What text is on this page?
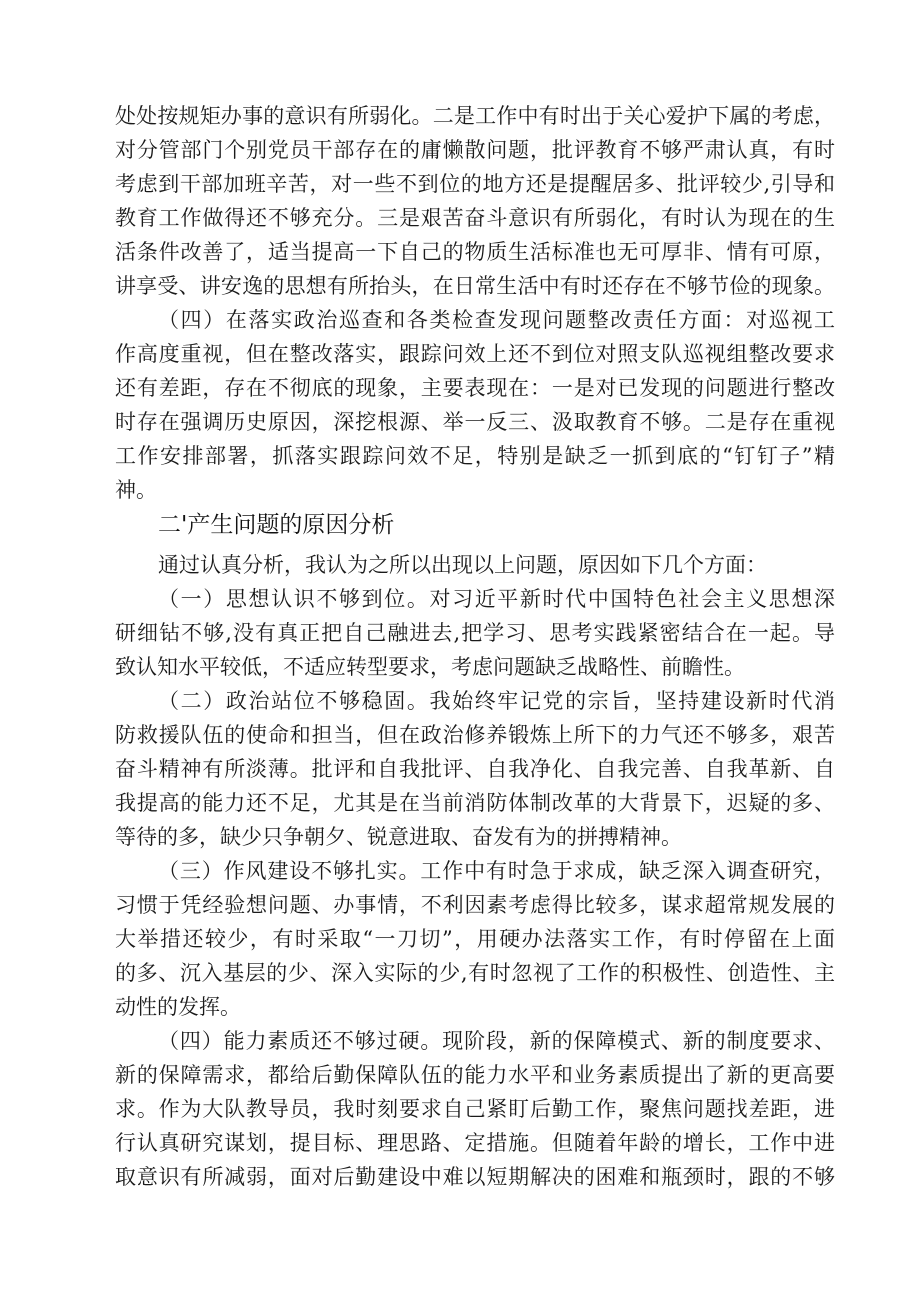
处处按规矩办事的意识有所弱化。二是工作中有时出于关心爱护下属的考虑，
对分管部门个别党员干部存在的庸懒散问题，批评教育不够严肃认真，有时
考虑到干部加班辛苦，对一些不到位的地方还是提醒居多、批评较少,引导和
教育工作做得还不够充分。三是艰苦奋斗意识有所弱化，有时认为现在的生
活条件改善了，适当提高一下自己的物质生活标准也无可厚非、情有可原，
讲享受、讲安逸的思想有所抬头，在日常生活中有时还存在不够节俭的现象。
（四）在落实政治巡查和各类检查发现问题整改责任方面：对巡视工
作高度重视，但在整改落实，跟踪问效上还不到位对照支队巡视组整改要求
还有差距，存在不彻底的现象，主要表现在：一是对已发现的问题进行整改
时存在强调历史原因，深挖根源、举一反三、汲取教育不够。二是存在重视
工作安排部署，抓落实跟踪问效不足，特别是缺乏一抓到底的“钉钉子”精
神。
二'产生问题的原因分析
通过认真分析，我认为之所以出现以上问题，原因如下几个方面：
（一）思想认识不够到位。对习近平新时代中国特色社会主义思想深
研细钻不够,没有真正把自己融进去,把学习、思考实践紧密结合在一起。导
致认知水平较低，不适应转型要求，考虑问题缺乏战略性、前瞻性。
（二）政治站位不够稳固。我始终牢记党的宗旨，坚持建设新时代消
防救援队伍的使命和担当，但在政治修养锻炼上所下的力气还不够多，艰苦
奋斗精神有所淡薄。批评和自我批评、自我净化、自我完善、自我革新、自
我提高的能力还不足，尤其是在当前消防体制改革的大背景下，迟疑的多、
等待的多，缺少只争朝夕、锐意进取、奋发有为的拼搏精神。
（三）作风建设不够扎实。工作中有时急于求成，缺乏深入调查研究，
习惯于凭经验想问题、办事情，不利因素考虑得比较多，谋求超常规发展的
大举措还较少，有时采取“一刀切”，用硬办法落实工作，有时停留在上面
的多、沉入基层的少、深入实际的少,有时忽视了工作的积极性、创造性、主
动性的发挥。
（四）能力素质还不够过硬。现阶段，新的保障模式、新的制度要求、
新的保障需求，都给后勤保障队伍的能力水平和业务素质提出了新的更高要
求。作为大队教导员，我时刻要求自己紧盯后勤工作，聚焦问题找差距，进
行认真研究谋划，提目标、理思路、定措施。但随着年龄的增长，工作中进
取意识有所减弱，面对后勤建设中难以短期解决的困难和瓶颈时，跟的不够
